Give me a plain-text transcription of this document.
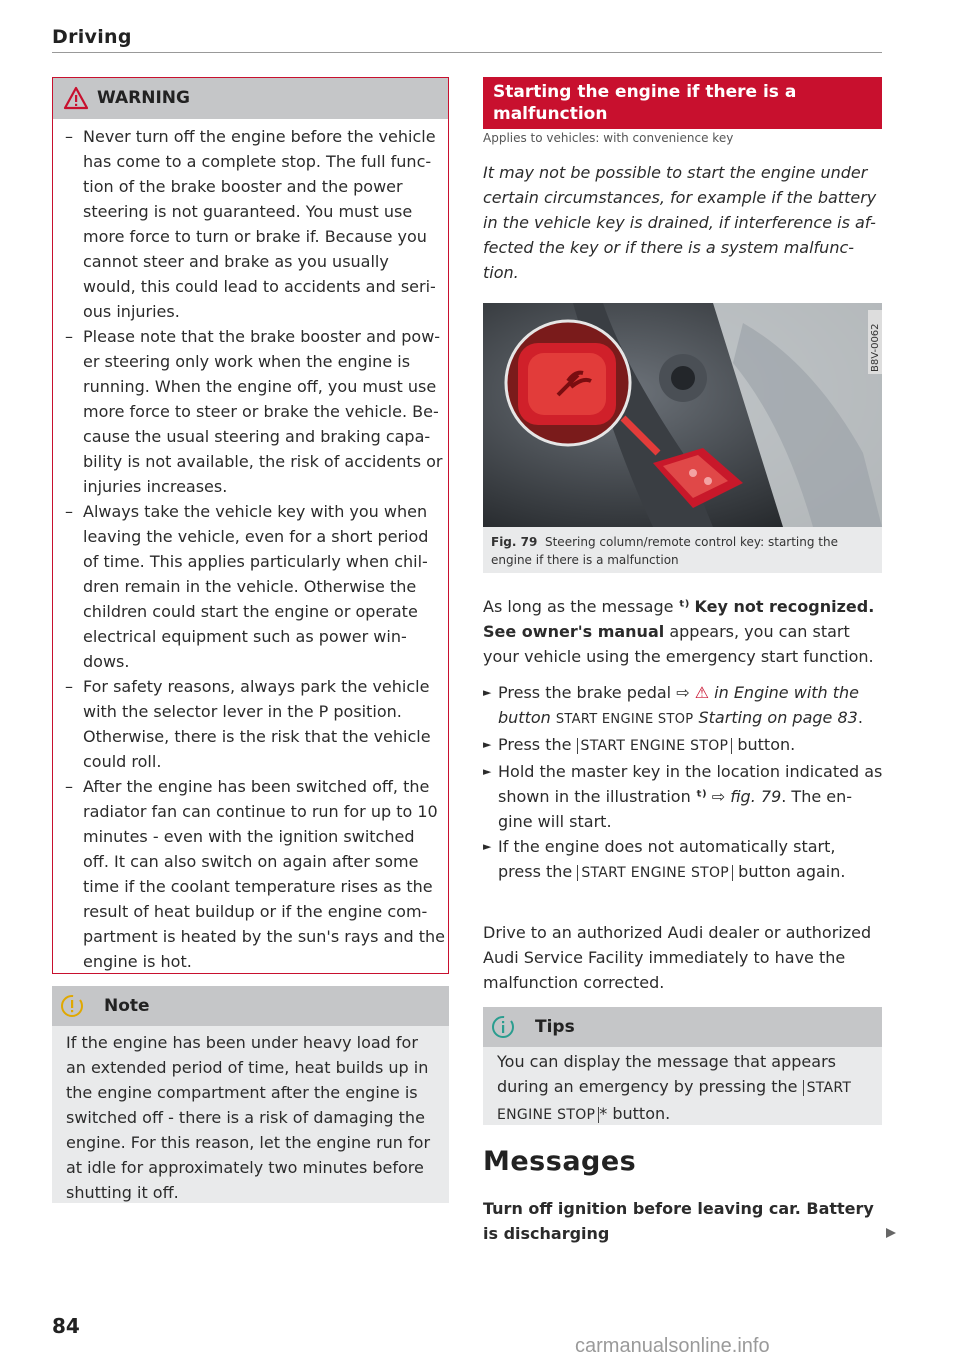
Driving
WARNING
– Never turn off the engine before the vehicle has come to a complete stop. The full func-tion of the brake booster and the power steering is not guaranteed. You must use more force to turn or brake if. Because you cannot steer and brake as you usually would, this could lead to accidents and seri-ous injuries.
– Please note that the brake booster and pow-er steering only work when the engine is running. When the engine off, you must use more force to steer or brake the vehicle. Be-cause the usual steering and braking capa-bility is not available, the risk of accidents or injuries increases.
– Always take the vehicle key with you when leaving the vehicle, even for a short period of time. This applies particularly when chil-dren remain in the vehicle. Otherwise the children could start the engine or operate electrical equipment such as power win-dows.
– For safety reasons, always park the vehicle with the selector lever in the P position. Otherwise, there is the risk that the vehicle could roll.
– After the engine has been switched off, the radiator fan can continue to run for up to 10 minutes - even with the ignition switched off. It can also switch on again after some time if the coolant temperature rises as the result of heat buildup or if the engine com-partment is heated by the sun's rays and the engine is hot.
Note

If the engine has been under heavy load for an extended period of time, heat builds up in the engine compartment after the engine is switched off - there is a risk of damaging the engine. For this reason, let the engine run for at idle for approximately two minutes before shutting it off.

84
Starting the engine if there is a malfunction
Applies to vehicles: with convenience key

It may not be possible to start the engine under certain circumstances, for example if the battery in the vehicle key is drained, if interference is af-fected the key or if there is a system malfunc-tion.

B8V-0062

Fig. 79 Steering column/remote control key: starting the engine if there is a malfunction

As long as the message ᵗ⁾ Key not recognized. See owner's manual appears, you can start your vehicle using the emergency start function.

► Press the brake pedal ⇨ ⚠ in Engine with the button START ENGINE STOP Starting on page 83.
► Press the START ENGINE STOP button.
► Hold the master key in the location indicated as shown in the illustration ᵗ⁾ ⇨ fig. 79. The en-gine will start.
► If the engine does not automatically start, press the START ENGINE STOP button again.

Drive to an authorized Audi dealer or authorized Audi Service Facility immediately to have the malfunction corrected.

Tips

You can display the message that appears during an emergency by pressing the START ENGINE STOP * button.

Messages

Turn off ignition before leaving car. Battery is discharging

carmanualsonline.info
